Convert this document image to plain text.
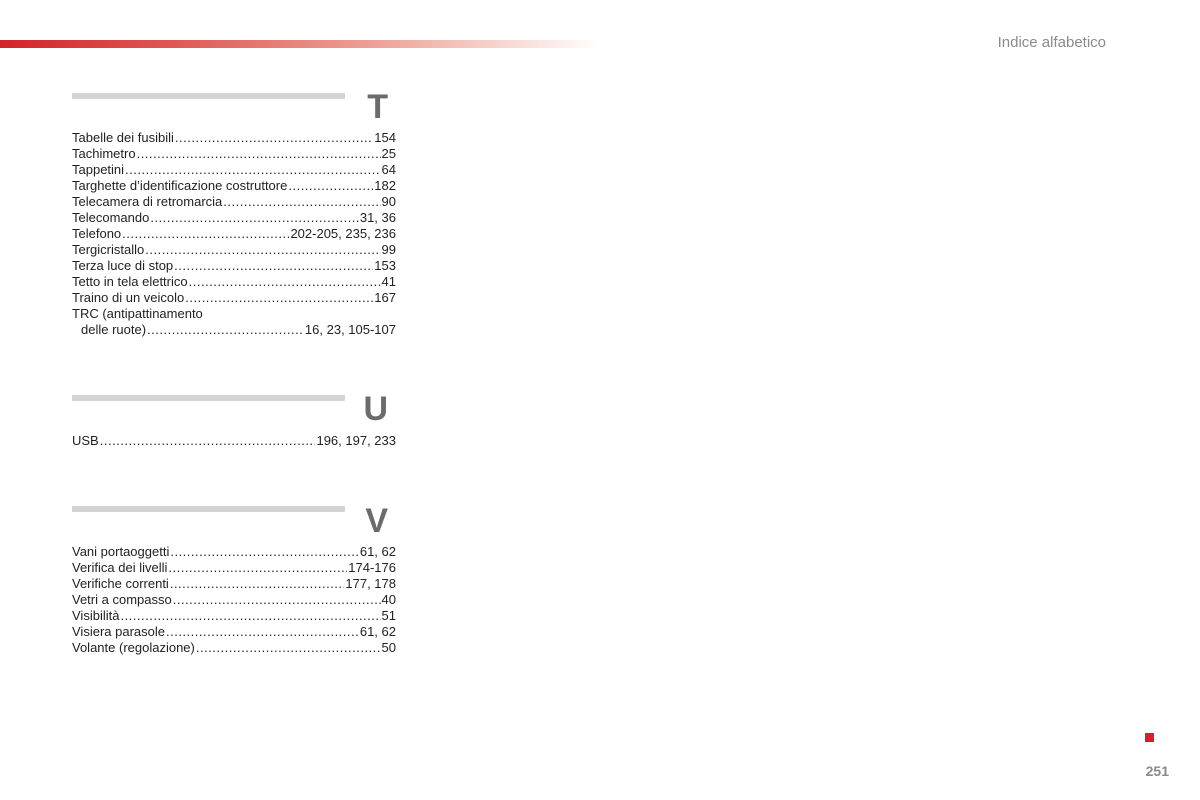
Indice alfabetico
T
Tabelle dei fusibili .....	154
Tachimetro .....	25
Tappetini .....	64
Targhette d’identificazione costruttore .....	182
Telecamera di retromarcia .....	90
Telecomando .....	31, 36
Telefono .....	202-205, 235, 236
Tergicristallo .....	99
Terza luce di stop .....	153
Tetto in tela elettrico .....	41
Traino di un veicolo .....	167
TRC (antipattinamento
delle ruote) .....	16, 23, 105-107
U
USB .....	196, 197, 233
V
Vani portaoggetti .....	61, 62
Verifica dei livelli .....	174-176
Verifiche correnti .....	177, 178
Vetri a compasso .....	40
Visibilità .....	51
Visiera parasole .....	61, 62
Volante (regolazione) .....	50
251
